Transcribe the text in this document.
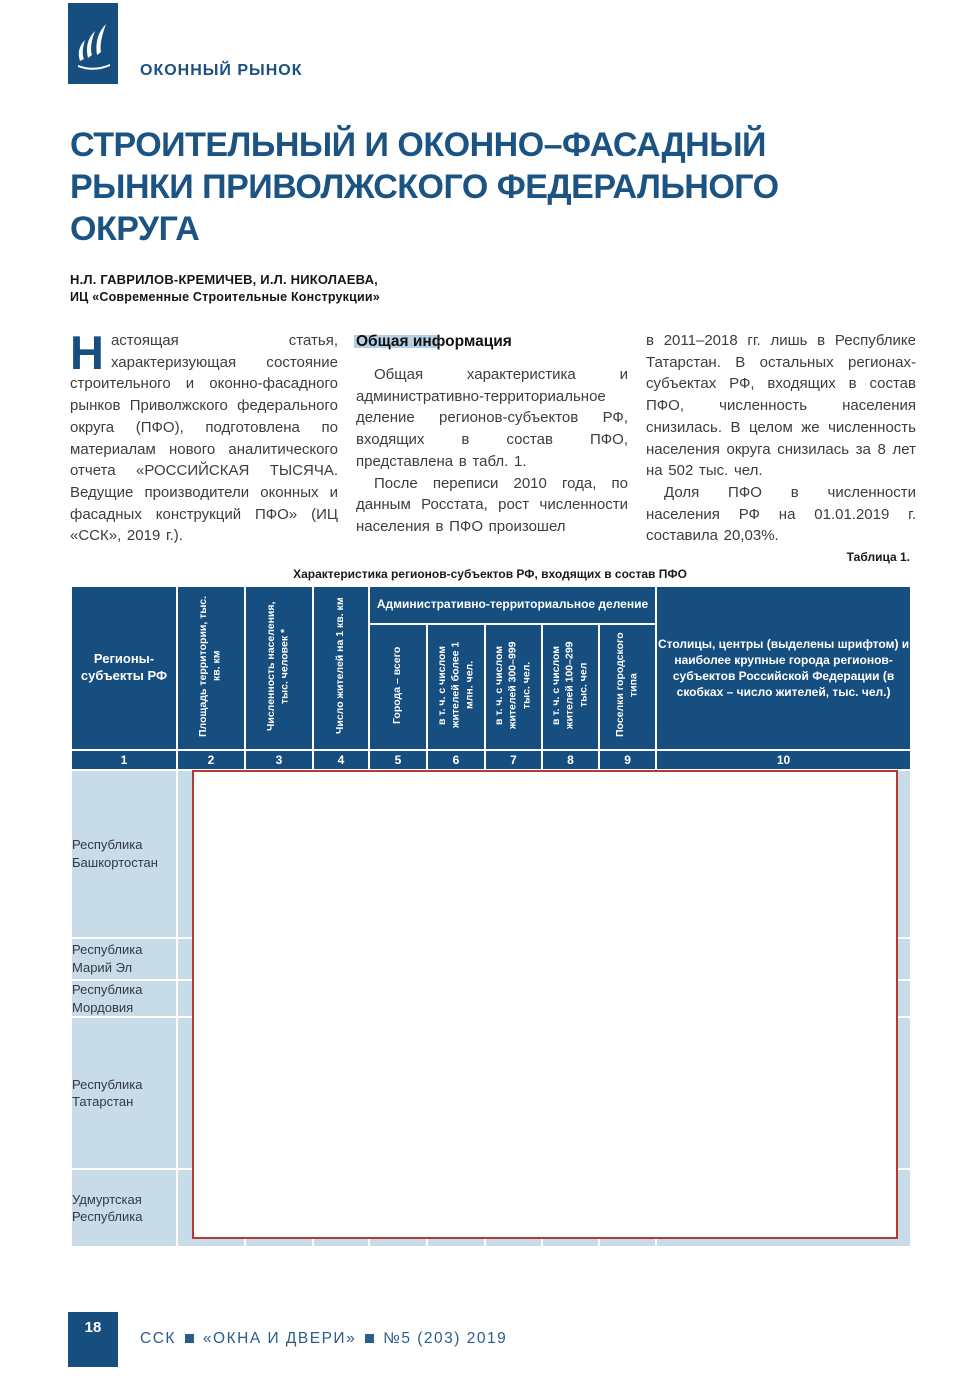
ОКОННЫЙ РЫНОК
СТРОИТЕЛЬНЫЙ И ОКОННО–ФАСАДНЫЙ
РЫНКИ ПРИВОЛЖСКОГО ФЕДЕРАЛЬНОГО
ОКРУГА
Н.Л. ГАВРИЛОВ-КРЕМИЧЕВ, И.Л. НИКОЛАЕВА,
ИЦ «Современные Строительные Конструкции»

Настоящая статья, характеризующая состояние строительного и оконно-фасадного рынков Приволжского федерального округа (ПФО), подготовлена по материалам нового аналитического отчета «РОССИЙСКАЯ ТЫСЯЧА. Ведущие производители оконных и фасадных конструкций ПФО» (ИЦ «ССК», 2019 г.).

Общая информация

Общая характеристика и административно-территориальное деление регионов-субъектов РФ, входящих в состав ПФО, представлена в табл. 1.

После переписи 2010 года, по данным Росстата, рост численности населения в ПФО произошел

в 2011–2018 гг. лишь в Республике Татарстан. В остальных регионах-субъектах РФ, входящих в состав ПФО, численность населения снизилась. В целом же численность населения округа снизилась за 8 лет на 502 тыс. чел.

Доля ПФО в численности населения РФ на 01.01.2019 г. составила 20,03%.

Таблица 1.
Характеристика регионов-субъектов РФ, входящих в состав ПФО
Регионы-субъекты РФ	Площадь территории, тыс. кв. км	Численность населения, тыс. человек *	Число жителей на 1 кв. км	Административно-территориальное деление					Столицы, центры (выделены шрифтом) и наиболее крупные города регионов-субъектов Российской Федерации (в скобках – число жителей, тыс. чел.)
				Города – всего	в т. ч. с числом жителей более 1 млн. чел.	в т. ч. с числом жителей 300–999 тыс. чел.	в т. ч. с числом жителей 100–299 тыс. чел	Поселки городского типа	
1	2	3	4	5	6	7	8	9	10
Республика Башкортостан									
Республика Марий Эл									
Республика Мордовия									
Республика Татарстан									
Удмуртская Республика									
18
ССК «ОКНА И ДВЕРИ» №5 (203) 2019
